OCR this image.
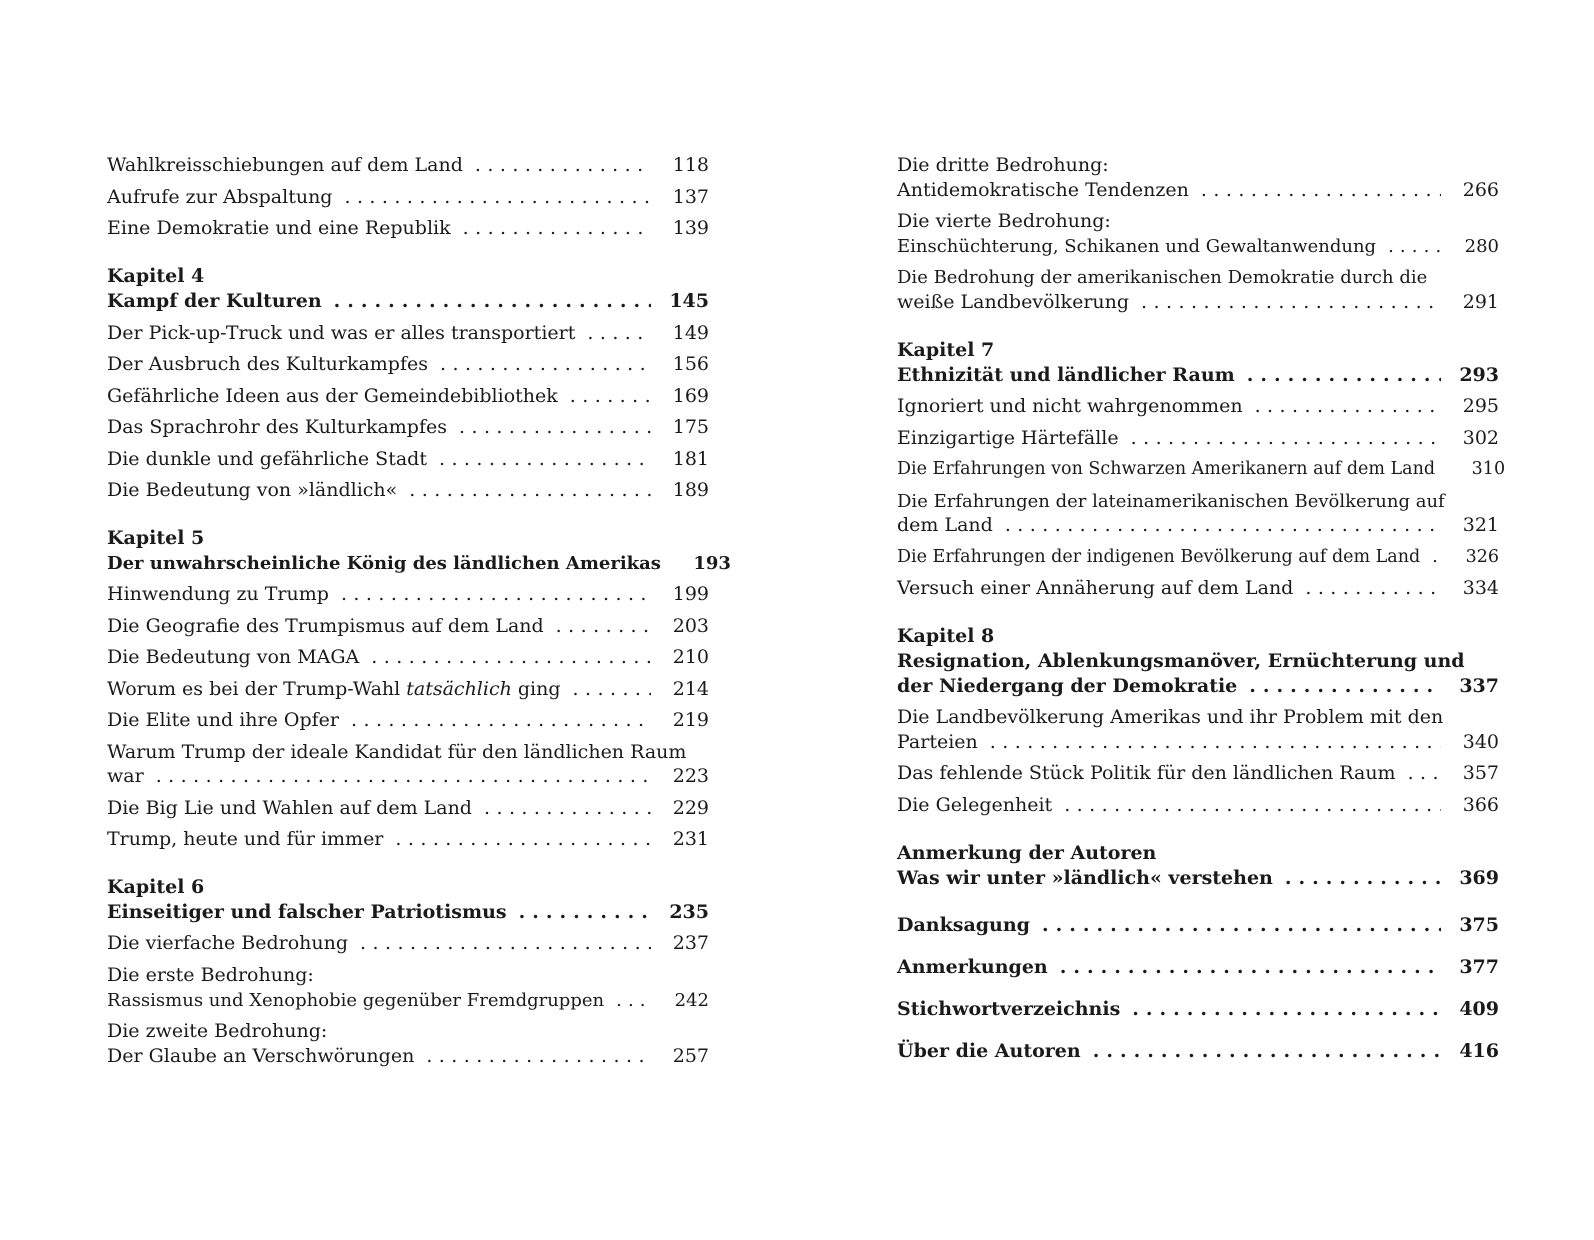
Wahlkreisschiebungen auf dem Land . . .	118
Aufrufe zur Abspaltung . . .	137
Eine Demokratie und eine Republik . . .	139
Kapitel 4
Kampf der Kulturen . . .	145
Der Pick-up-Truck und was er alles transportiert . . .	149
Der Ausbruch des Kulturkampfes . . .	156
Gefährliche Ideen aus der Gemeindebibliothek . . .	169
Das Sprachrohr des Kulturkampfes . . .	175
Die dunkle und gefährliche Stadt . . .	181
Die Bedeutung von »ländlich« . . .	189
Kapitel 5
Der unwahrscheinliche König des ländlichen Amerikas . . .	193
Hinwendung zu Trump . . .	199
Die Geografie des Trumpismus auf dem Land . . .	203
Die Bedeutung von MAGA . . .	210
Worum es bei der Trump-Wahl tatsächlich ging . . .	214
Die Elite und ihre Opfer . . .	219
Warum Trump der ideale Kandidat für den ländlichen Raum
war . . .	223
Die Big Lie und Wahlen auf dem Land . . .	229
Trump, heute und für immer . . .	231
Kapitel 6
Einseitiger und falscher Patriotismus . . .	235
Die vierfache Bedrohung . . .	237
Die erste Bedrohung:
Rassismus und Xenophobie gegenüber Fremdgruppen . . .	242
Die zweite Bedrohung:
Der Glaube an Verschwörungen . . .	257
Die dritte Bedrohung:
Antidemokratische Tendenzen . . .	266
Die vierte Bedrohung:
Einschüchterung, Schikanen und Gewaltanwendung . . .	280
Die Bedrohung der amerikanischen Demokratie durch die
weiße Landbevölkerung . . .	291
Kapitel 7
Ethnizität und ländlicher Raum . . .	293
Ignoriert und nicht wahrgenommen . . .	295
Einzigartige Härtefälle . . .	302
Die Erfahrungen von Schwarzen Amerikanern auf dem Land . . .	310
Die Erfahrungen der lateinamerikanischen Bevölkerung auf
dem Land . . .	321
Die Erfahrungen der indigenen Bevölkerung auf dem Land . . .	326
Versuch einer Annäherung auf dem Land . . .	334
Kapitel 8
Resignation, Ablenkungsmanöver, Ernüchterung und
der Niedergang der Demokratie . . .	337
Die Landbevölkerung Amerikas und ihr Problem mit den
Parteien . . .	340
Das fehlende Stück Politik für den ländlichen Raum . . .	357
Die Gelegenheit . . .	366
Anmerkung der Autoren
Was wir unter »ländlich« verstehen . . .	369
Danksagung . . .	375
Anmerkungen . . .	377
Stichwortverzeichnis . . .	409
Über die Autoren . . .	416
